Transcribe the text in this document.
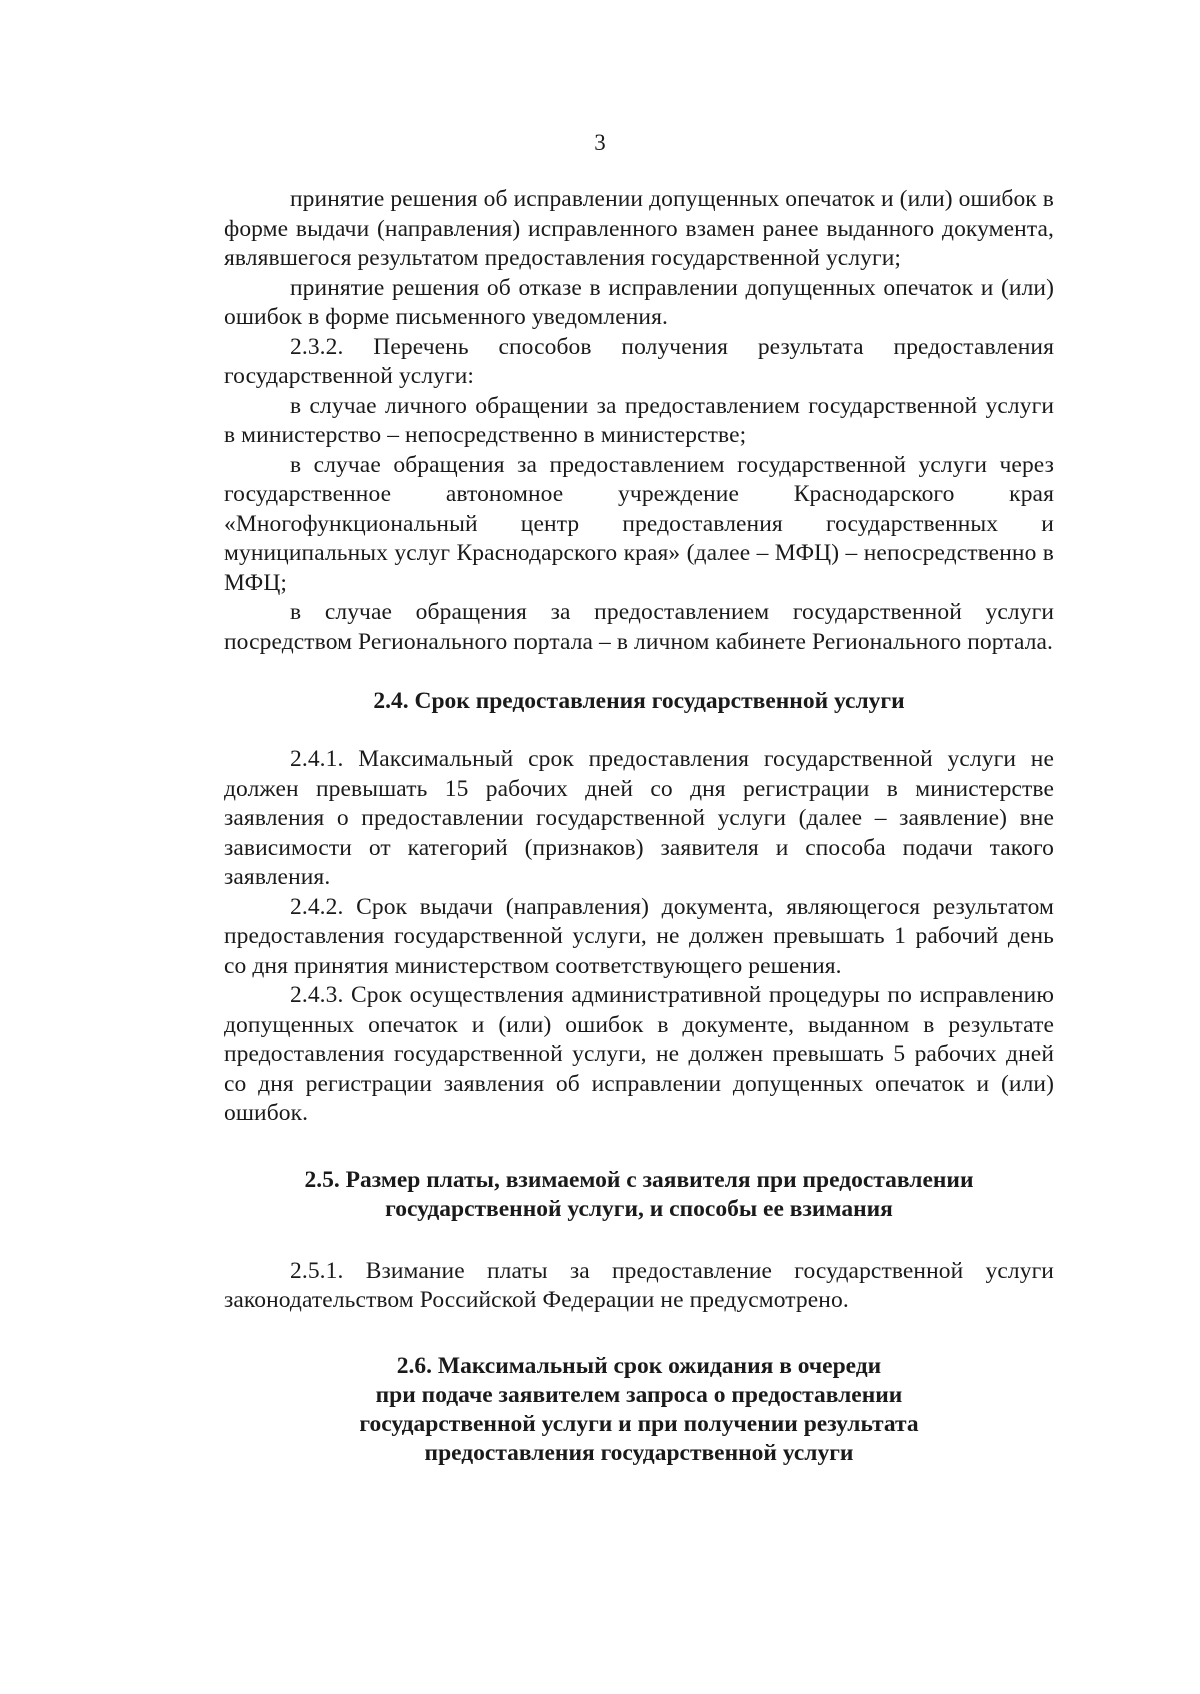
3

принятие решения об исправлении допущенных опечаток и (или) ошибок в форме выдачи (направления) исправленного взамен ранее выданного документа, являвшегося результатом предоставления государственной услуги;

принятие решения об отказе в исправлении допущенных опечаток и (или) ошибок в форме письменного уведомления.

2.3.2. Перечень способов получения результата предоставления государственной услуги:

в случае личного обращении за предоставлением государственной услуги в министерство – непосредственно в министерстве;

в случае обращения за предоставлением государственной услуги через государственное автономное учреждение Краснодарского края «Многофункциональный центр предоставления государственных и муниципальных услуг Краснодарского края» (далее – МФЦ) – непосредственно в МФЦ;

в случае обращения за предоставлением государственной услуги посредством Регионального портала – в личном кабинете Регионального портала.

2.4. Срок предоставления государственной услуги

2.4.1. Максимальный срок предоставления государственной услуги не должен превышать 15 рабочих дней со дня регистрации в министерстве заявления о предоставлении государственной услуги (далее – заявление) вне зависимости от категорий (признаков) заявителя и способа подачи такого заявления.

2.4.2. Срок выдачи (направления) документа, являющегося результатом предоставления государственной услуги, не должен превышать 1 рабочий день со дня принятия министерством соответствующего решения.

2.4.3. Срок осуществления административной процедуры по исправлению допущенных опечаток и (или) ошибок в документе, выданном в результате предоставления государственной услуги, не должен превышать 5 рабочих дней со дня регистрации заявления об исправлении допущенных опечаток и (или) ошибок.

2.5. Размер платы, взимаемой с заявителя при предоставлении
государственной услуги, и способы ее взимания

2.5.1. Взимание платы за предоставление государственной услуги законодательством Российской Федерации не предусмотрено.

2.6. Максимальный срок ожидания в очереди
при подаче заявителем запроса о предоставлении
государственной услуги и при получении результата
предоставления государственной услуги
